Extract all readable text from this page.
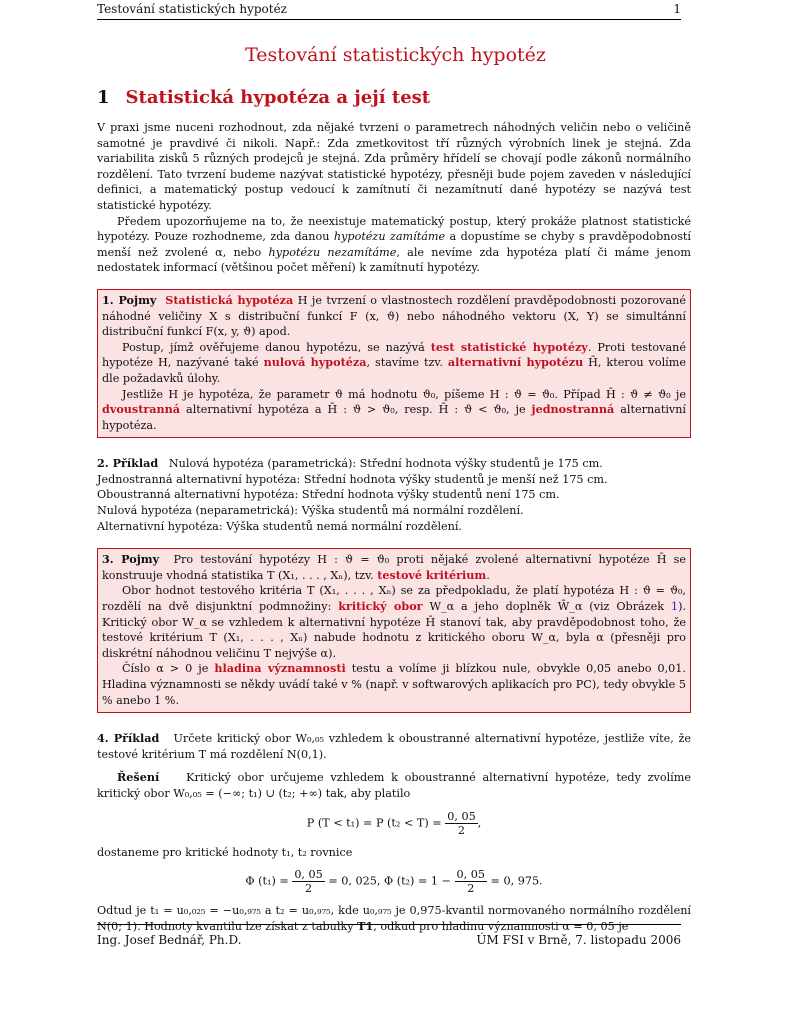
Testování statistických hypotéz	1
Testování statistických hypotéz
1 Statistická hypotéza a její test

V praxi jsme nuceni rozhodnout, zda nějaké tvrzeni o parametrech náhodných veličin nebo o veličině samotné je pravdivé či nikoli. Např.: Zda zmetkovitost tří různých výrobních linek je stejná. Zda variabilita zisků 5 různých prodejců je stejná. Zda průměry hřídelí se chovají podle zákonů normálního rozdělení. Tato tvrzení budeme nazývat statistické hypotézy, přesněji bude pojem zaveden v následující definici, a matematický postup vedoucí k zamítnutí či nezamítnutí dané hypotézy se nazývá test statistické hypotézy.

Předem upozorňujeme na to, že neexistuje matematický postup, který prokáže platnost statistické hypotézy. Pouze rozhodneme, zda danou hypotézu zamítáme a dopustíme se chyby s pravděpodobností menší než zvolené α, nebo hypotézu nezamítáme, ale nevíme zda hypotéza platí či máme jenom nedostatek informací (většinou počet měření) k zamítnutí hypotézy.

1. Pojmy Statistická hypotéza H je tvrzení o vlastnostech rozdělení pravděpodobnosti pozorované náhodné veličiny X s distribuční funkcí F (x, ϑ) nebo náhodného vektoru (X, Y) se simultánní distribuční funkcí F(x, y, ϑ) apod.

Postup, jímž ověřujeme danou hypotézu, se nazývá test statistické hypotézy. Proti testované hypotéze H, nazývané také nulová hypotéza, stavíme tzv. alternativní hypotézu H̄, kterou volíme dle požadavků úlohy.

Jestliže H je hypotéza, že parametr ϑ má hodnotu ϑ₀, píšeme H : ϑ = ϑ₀. Případ H̄ : ϑ ≠ ϑ₀ je dvoustranná alternativní hypotéza a H̄ : ϑ > ϑ₀, resp. H̄ : ϑ < ϑ₀, je jednostranná alternativní hypotéza.

2. Příklad Nulová hypotéza (parametrická): Střední hodnota výšky studentů je 175 cm.

Jednostranná alternativní hypotéza: Střední hodnota výšky studentů je menší než 175 cm.

Oboustranná alternativní hypotéza: Střední hodnota výšky studentů není 175 cm.

Nulová hypotéza (neparametrická): Výška studentů má normální rozdělení.

Alternativní hypotéza: Výška studentů nemá normální rozdělení.

3. Pojmy Pro testování hypotézy H : ϑ = ϑ₀ proti nějaké zvolené alternativní hypotéze H̄ se konstruuje vhodná statistika T (X₁, . . . , Xₙ), tzv. testové kritérium.

Obor hodnot testového kritéria T (X₁, . . . , Xₙ) se za předpokladu, že platí hypotéza H : ϑ = ϑ₀, rozdělí na dvě disjunktní podmnožiny: kritický obor W_α a jeho doplněk W̄_α (viz Obrázek 1). Kritický obor W_α se vzhledem k alternativní hypotéze H̄ stanoví tak, aby pravděpodobnost toho, že testové kritérium T (X₁, . . . , Xₙ) nabude hodnotu z kritického oboru W_α, byla α (přesněji pro diskrétní náhodnou veličinu T nejvýše α).

Číslo α > 0 je hladina významnosti testu a volíme ji blízkou nule, obvykle 0,05 anebo 0,01. Hladina významnosti se někdy uvádí také v % (např. v softwarových aplikacích pro PC), tedy obvykle 5 % anebo 1 %.

4. Příklad Určete kritický obor W₀,₀₅ vzhledem k oboustranné alternativní hypotéze, jestliže víte, že testové kritérium T má rozdělení N(0,1).

Řešení Kritický obor určujeme vzhledem k oboustranné alternativní hypotéze, tedy zvolíme kritický obor W₀,₀₅ = (−∞; t₁) ∪ (t₂; +∞) tak, aby platilo

P (T < t₁) = P $(t_2 < T) = \frac{0, 05}{2}$ ,

dostaneme pro kritické hodnoty t₁, t₂ rovnice

Φ $(t_1) = \frac{0, 05}{2} = 0$, 025, Φ $(t_2) = 1 - \frac{0, 05}{2} = 0$, 975.

Odtud je t₁ = u₀,₀₂₅ = −u₀,₉₇₅ a t₂ = u₀,₉₇₅, kde u₀,₉₇₅ je 0,975-kvantil normovaného normálního rozdělení N(0; 1). Hodnoty kvantilu lze získat z tabulky T1, odkud pro hladinu významnosti α = 0, 05 je

Ing. Josef Bednář, Ph.D.	ÚM FSI v Brně, 7. listopadu 2006
